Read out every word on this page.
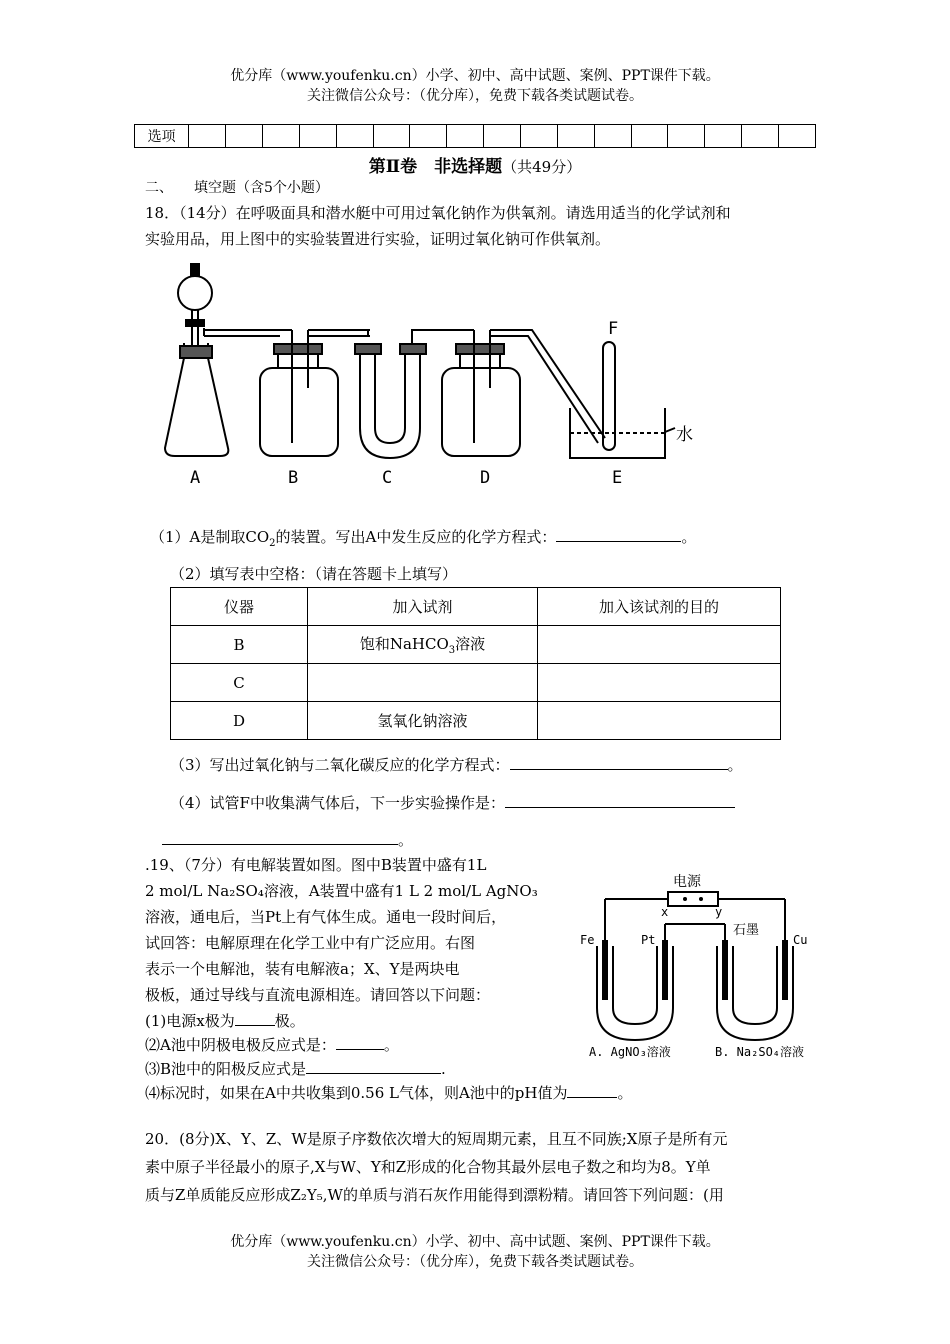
优分库（www.youfenku.cn）小学、初中、高中试题、案例、PPT课件下载。
关注微信公众号：（优分库），免费下载各类试题试卷。
选项																	
第Ⅱ卷　非选择题（共49分）
二、　　填空题（含5个小题）
18．（14分）在呼吸面具和潜水艇中可用过氧化钠作为供氧剂。请选用适当的化学试剂和
实验用品，用上图中的实验装置进行实验，证明过氧化钠可作供氧剂。
A	B	C	D	E
F
水
（1）A是制取$CO_2$的装置。写出A中发生反应的化学方程式：	。
（2）填写表中空格：（请在答题卡上填写）
仪器	加入试剂	加入该试剂的目的
B	饱和NaHCO$_3$溶液	
C		
D	氢氧化钠溶液	
（3）写出过氧化钠与二氧化碳反应的化学方程式：	。
（4）试管F中收集满气体后，下一步实验操作是：
。
.19、（7分）有电解装置如图。图中B装置中盛有1L
2 mol/L Na₂SO₄溶液，A装置中盛有1 L 2 mol/L AgNO₃
溶液，通电后，当Pt上有气体生成。通电一段时间后，
试回答：电解原理在化学工业中有广泛应用。右图
表示一个电解池，装有电解液a；X、Y是两块电
极板，通过导线与直流电源相连。请回答以下问题：
(1)电源x极为	极。
⑵A池中阴极电极反应式是：	。
⑶B池中的阳极反应式是	.
⑷标况时，如果在A中共收集到0.56 L气体，则A池中的pH值为	。
电源
x	y
Fe	Pt
石墨
Cu
A. AgNO₃溶液	B. Na₂SO₄溶液
20．(8分)X、Y、Z、W是原子序数依次增大的短周期元素，且互不同族;X原子是所有元
素中原子半径最小的原子,X与W、Y和Z形成的化合物其最外层电子数之和均为8。Y单
质与Z单质能反应形成Z₂Y₅,W的单质与消石灰作用能得到漂粉精。请回答下列问题：(用
优分库（www.youfenku.cn）小学、初中、高中试题、案例、PPT课件下载。
关注微信公众号：（优分库），免费下载各类试题试卷。
